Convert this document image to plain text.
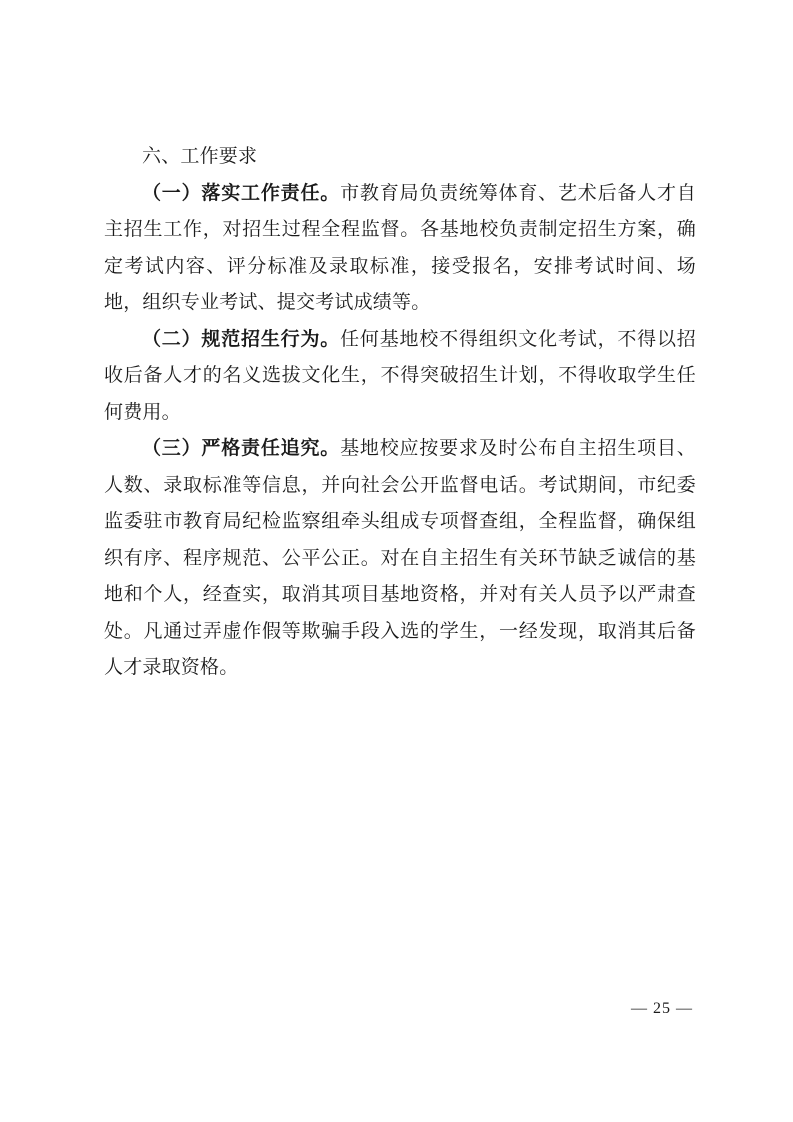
六、工作要求

（一）落实工作责任。市教育局负责统筹体育、艺术后备人才自主招生工作，对招生过程全程监督。各基地校负责制定招生方案，确定考试内容、评分标准及录取标准，接受报名，安排考试时间、场地，组织专业考试、提交考试成绩等。

（二）规范招生行为。任何基地校不得组织文化考试，不得以招收后备人才的名义选拔文化生，不得突破招生计划，不得收取学生任何费用。

（三）严格责任追究。基地校应按要求及时公布自主招生项目、人数、录取标准等信息，并向社会公开监督电话。考试期间，市纪委监委驻市教育局纪检监察组牵头组成专项督查组，全程监督，确保组织有序、程序规范、公平公正。对在自主招生有关环节缺乏诚信的基地和个人，经查实，取消其项目基地资格，并对有关人员予以严肃查处。凡通过弄虚作假等欺骗手段入选的学生，一经发现，取消其后备人才录取资格。

— 25 —
